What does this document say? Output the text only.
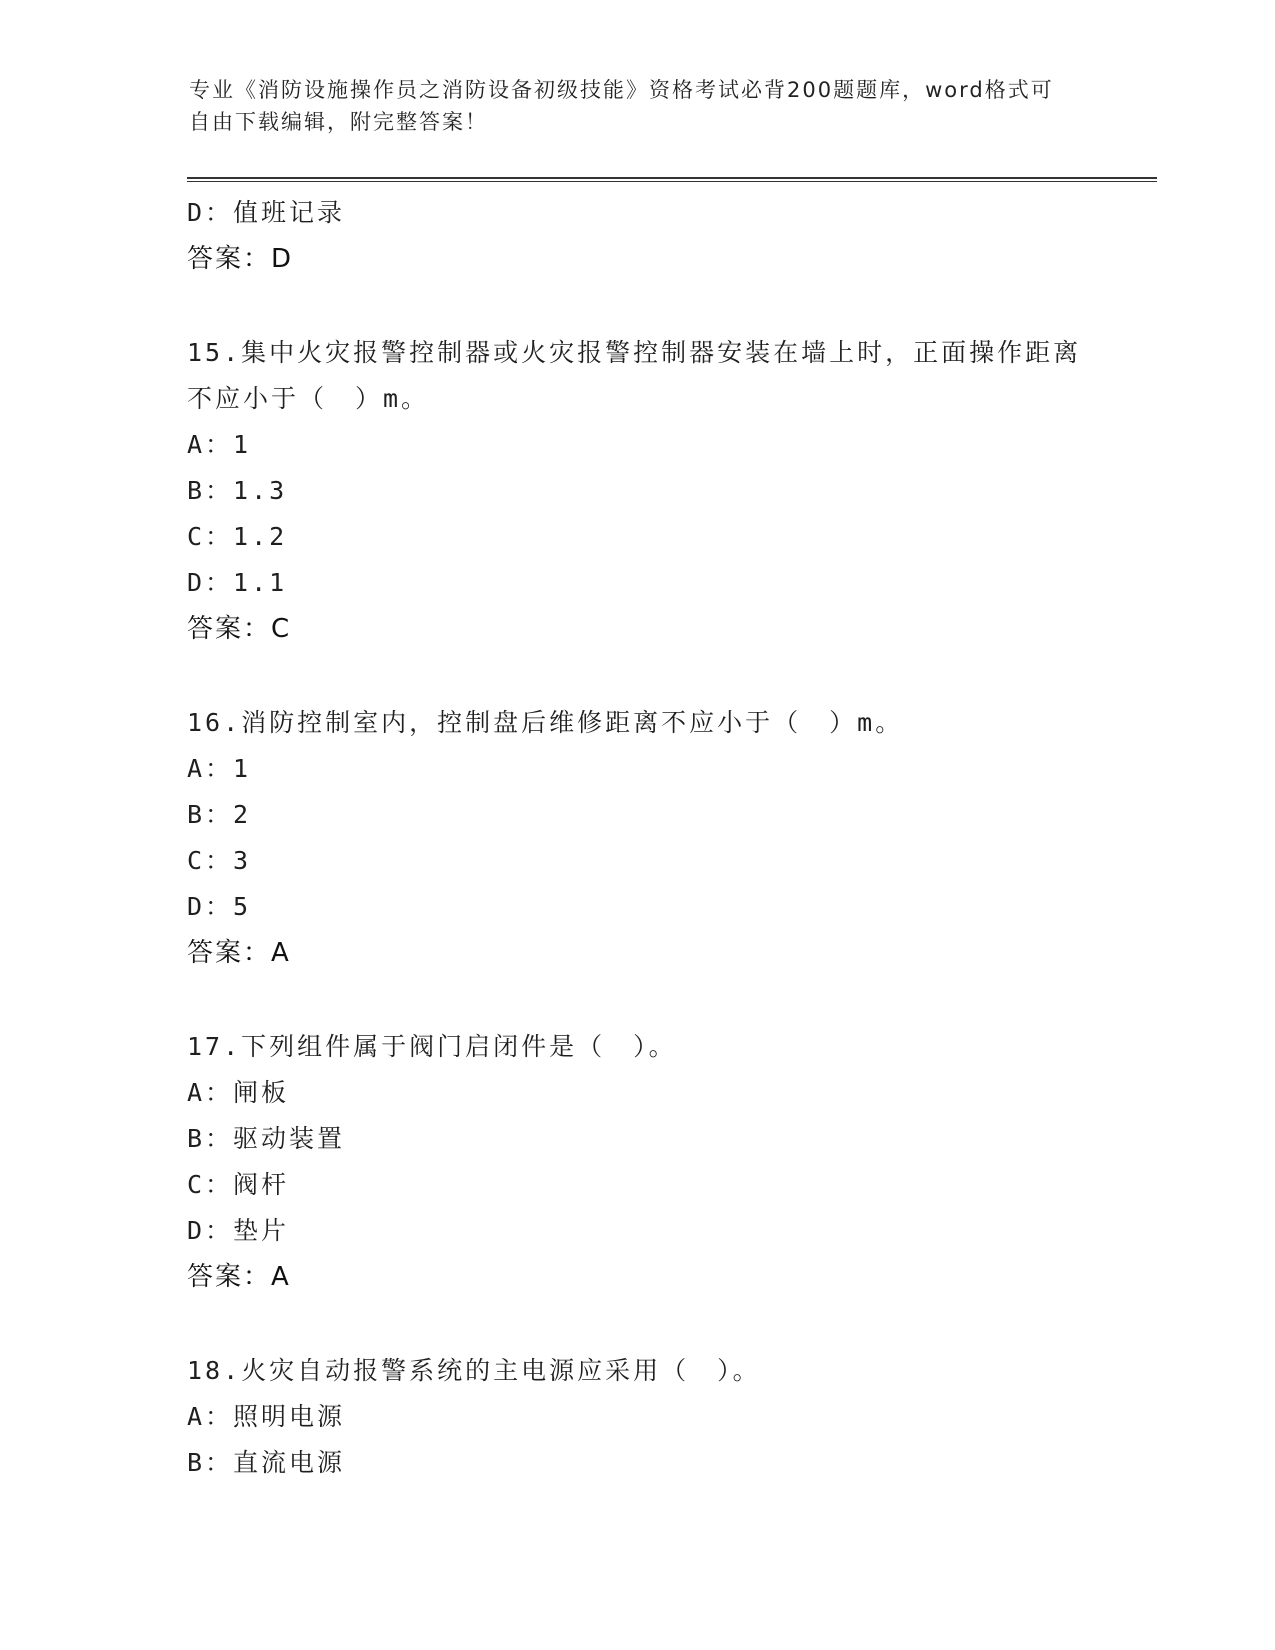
专业《消防设施操作员之消防设备初级技能》资格考试必背200题题库，word格式可自由下载编辑，附完整答案！
D：值班记录
答案：D
15.集中火灾报警控制器或火灾报警控制器安装在墙上时，正面操作距离不应小于（　）m。
A：1
B：1.3
C：1.2
D：1.1
答案：C
16.消防控制室内，控制盘后维修距离不应小于（　）m。
A：1
B：2
C：3
D：5
答案：A
17.下列组件属于阀门启闭件是（　）。
A：闸板
B：驱动装置
C：阀杆
D：垫片
答案：A
18.火灾自动报警系统的主电源应采用（　）。
A：照明电源
B：直流电源
